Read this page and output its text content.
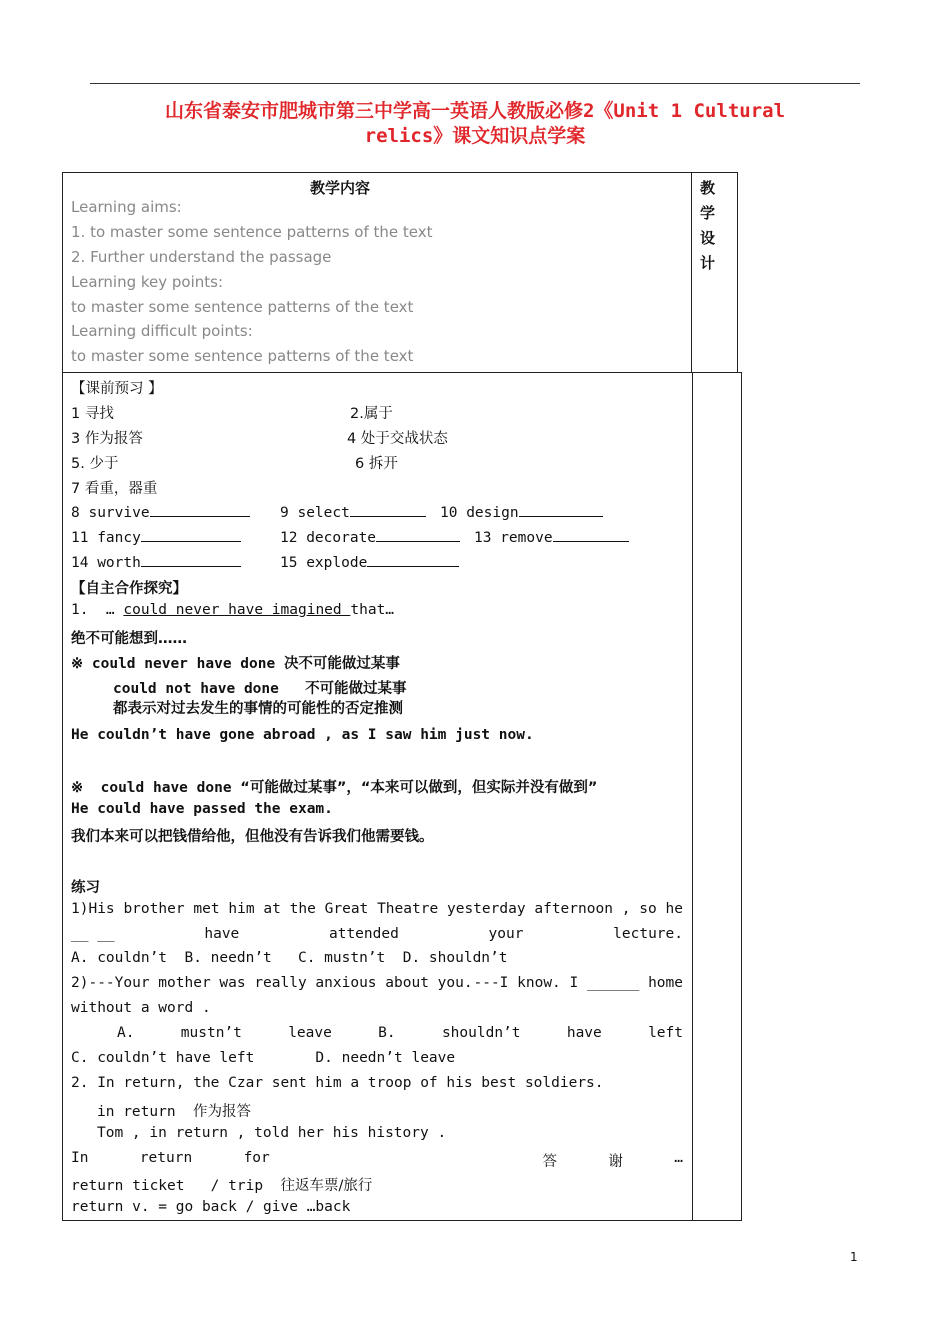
山东省泰安市肥城市第三中学高一英语人教版必修2《Unit 1 Cultural
relics》课文知识点学案
教学内容	教
学
设
计
Learning aims:
1. to master some sentence patterns of the text
2. Further understand the passage
Learning key points:
to master some sentence patterns of the text
Learning difficult points:
to master some sentence patterns of the text
【课前预习 】
1 寻找	2.属于
3 作为报答	4 处于交战状态
5. 少于	6 拆开
7 看重，器重
8 survive	9 select	10 design
11 fancy	12 decorate	13 remove
14 worth	15 explode
【自主合作探究】
1.  … could never have imagined that…
绝不可能想到……
※ could never have done 决不可能做过某事
could not have done   不可能做过某事
都表示对过去发生的事情的可能性的否定推测
He couldn’t have gone abroad , as I saw him just now.
※  could have done “可能做过某事”，“本来可以做到，但实际并没有做到”
He could have passed the exam.
我们本来可以把钱借给他，但他没有告诉我们他需要钱。
练习
1)His brother met him at the Great Theatre yesterday afternoon , so he
__ __	have	attended	your	lecture.
A. couldn’t  B. needn’t   C. mustn’t  D. shouldn’t
2)---Your mother was really anxious about you. ---I know. I ______ home
without a word .
A.	mustn’t	leave	B.	shouldn’t	have	left
C. couldn’t have left       D. needn’t leave
2. In return, the Czar sent him a troop of his best soldiers.
in return  作为报答
Tom , in return , told her his history .
In	return	for	答	谢	…
return ticket   / trip  往返车票/旅行
return v. = go back / give …back
1
